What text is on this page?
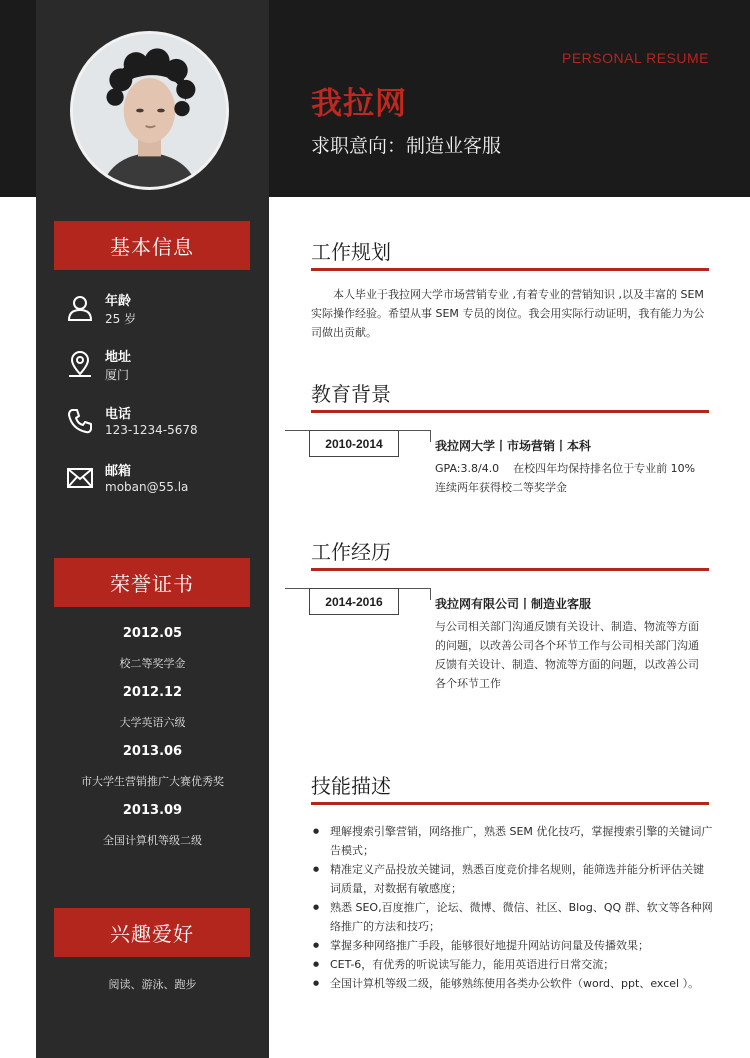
PERSONAL RESUME
我拉网
求职意向：制造业客服
基本信息
年龄
25 岁
地址
厦门
电话
123-1234-5678
邮箱
moban@55.la
荣誉证书
2012.05
校二等奖学金
2012.12
大学英语六级
2013.06
市大学生营销推广大赛优秀奖
2013.09
全国计算机等级二级
兴趣爱好
阅读、游泳、跑步
工作规划
本人毕业于我拉网大学市场营销专业 ,有着专业的营销知识 ,以及丰富的 SEM 实际操作经验。希望从事 SEM 专员的岗位。我会用实际行动证明，我有能力为公司做出贡献。
教育背景
2010-2014	我拉网大学丨市场营销丨本科
GPA:3.8/4.0    在校四年均保持排名位于专业前 10%
连续两年获得校二等奖学金
工作经历
2014-2016	我拉网有限公司丨制造业客服
与公司相关部门沟通反馈有关设计、制造、物流等方面
的问题，以改善公司各个环节工作与公司相关部门沟通
反馈有关设计、制造、物流等方面的问题，以改善公司
各个环节工作
技能描述
● 理解搜索引擎营销，网络推广，熟悉 SEM 优化技巧，掌握搜索引擎的关键词广告模式；
● 精准定义产品投放关键词，熟悉百度竞价排名规则，能筛选并能分析评估关键词质量，对数据有敏感度；
● 熟悉 SEO,百度推广，论坛、微博、微信、社区、Blog、QQ 群、软文等各种网络推广的方法和技巧；
● 掌握多种网络推广手段，能够很好地提升网站访问量及传播效果；
● CET-6，有优秀的听说读写能力，能用英语进行日常交流；
● 全国计算机等级二级，能够熟练使用各类办公软件（word、ppt、excel ）。
